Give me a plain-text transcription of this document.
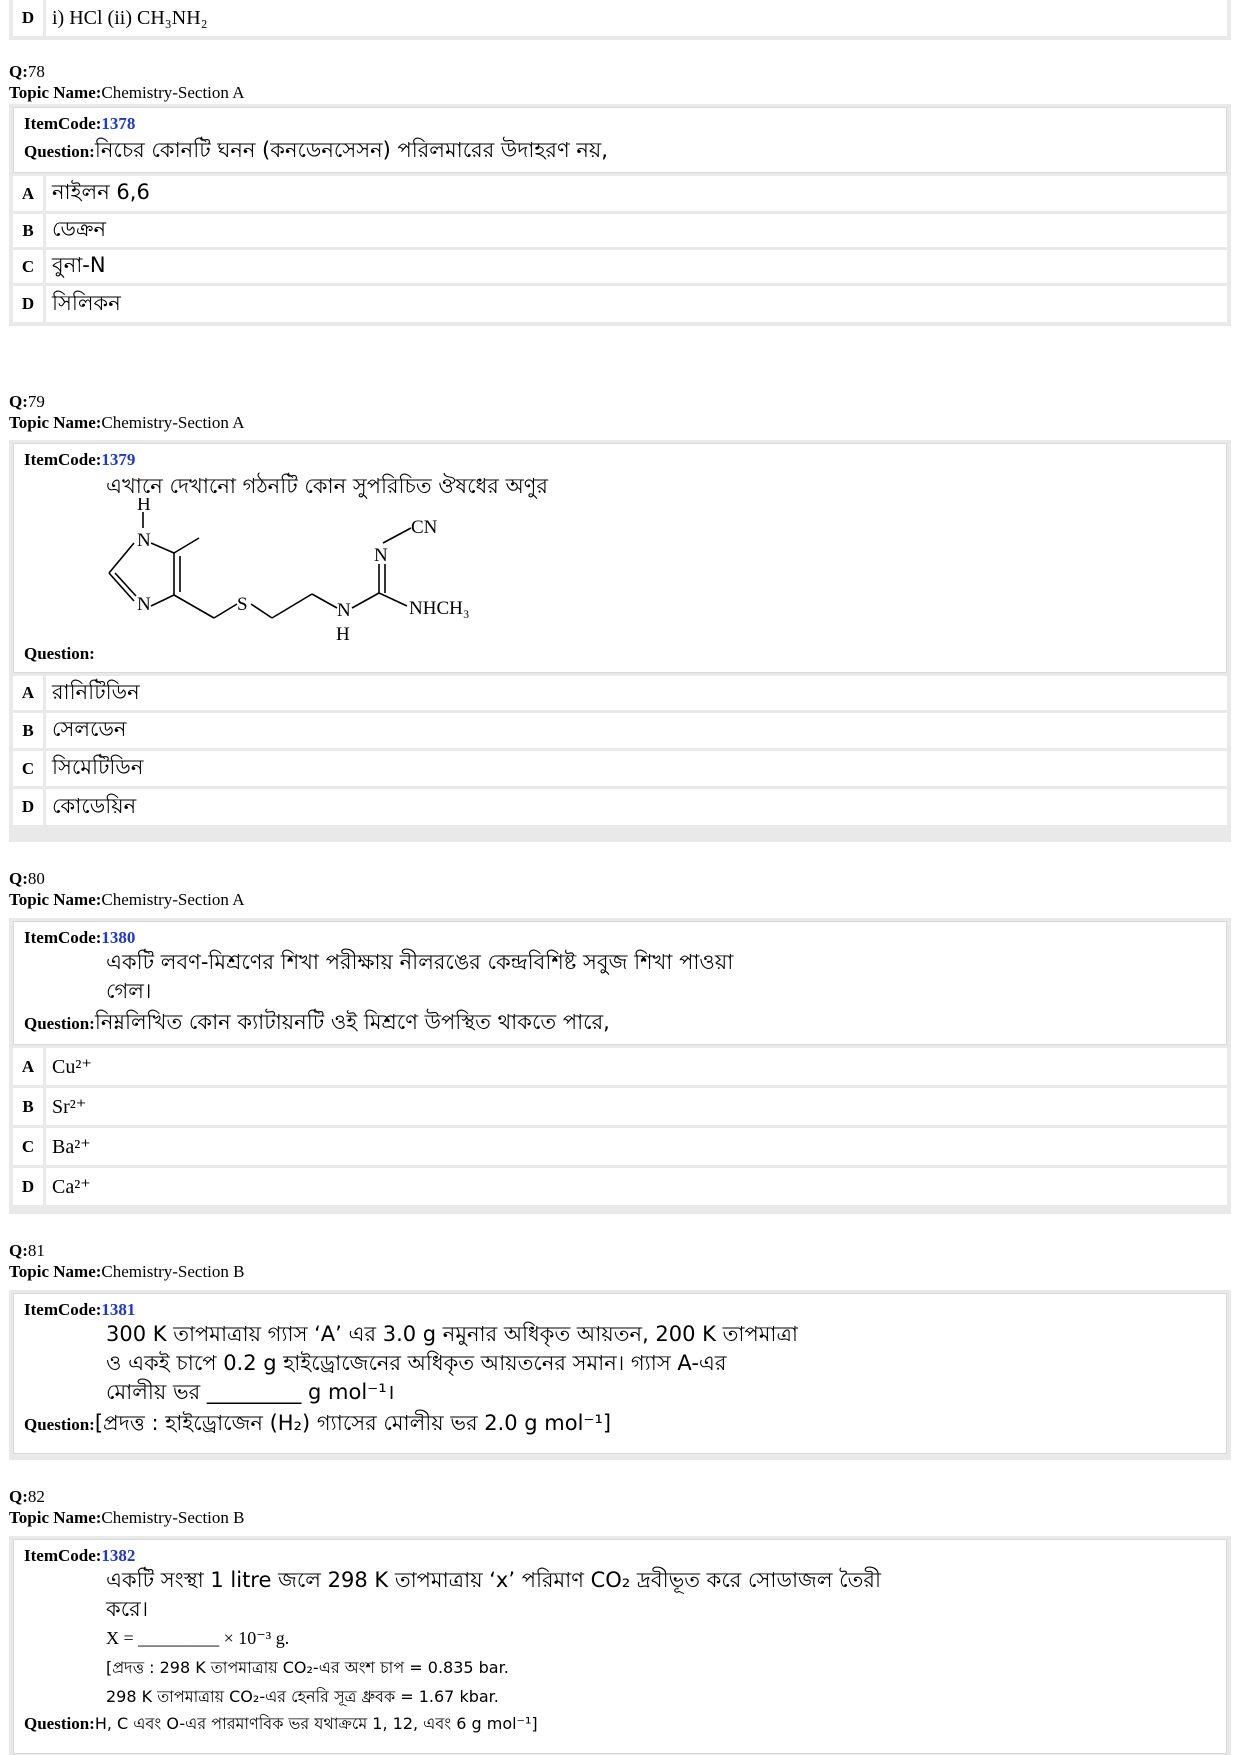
D i) HCl (ii) CH₃NH₂
Q:78
Topic Name:Chemistry-Section A
ItemCode:1378
Question:নিচের কোনটি ঘনন (কনডেনসেসন) পরিলমারের উদাহরণ নয়,
A নাইলন 6,6
B ডেক্রন
C বুনা-N
D সিলিকন
Q:79
Topic Name:Chemistry-Section A
ItemCode:1379
এখানে দেখানো গঠনটি কোন সুপরিচিত ঔষধের অণুর
H
N
N	S	N
H
N
CN
NHCH₃
Question:
A রানিটিডিন
B সেলডেন
C সিমেটিডিন
D কোডেয়িন
Q:80
Topic Name:Chemistry-Section A
ItemCode:1380
একটি লবণ-মিশ্রণের শিখা পরীক্ষায় নীলরঙের কেন্দ্রবিশিষ্ট সবুজ শিখা পাওয়া
গেল।
Question:নিম্নলিখিত কোন ক্যাটায়নটি ওই মিশ্রণে উপস্থিত থাকতে পারে,
A Cu²⁺
B Sr²⁺
C Ba²⁺
D Ca²⁺
Q:81
Topic Name:Chemistry-Section B
ItemCode:1381
300 K তাপমাত্রায় গ্যাস ‘A’ এর 3.0 g নমুনার অধিকৃত আয়তন, 200 K তাপমাত্রা
ও একই চাপে 0.2 g হাইড্রোজেনের অধিকৃত আয়তনের সমান। গ্যাস A-এর
মোলীয় ভর _________ g mol⁻¹।
Question:[প্রদত্ত : হাইড্রোজেন (H₂) গ্যাসের মোলীয় ভর 2.0 g mol⁻¹]
Q:82
Topic Name:Chemistry-Section B
ItemCode:1382
একটি সংস্থা 1 litre জলে 298 K তাপমাত্রায় ‘x’ পরিমাণ CO₂ দ্রবীভূত করে সোডাজল তৈরী
করে।
X = _________ × 10⁻³ g.
[প্রদত্ত : 298 K তাপমাত্রায় CO₂-এর অংশ চাপ = 0.835 bar.
298 K তাপমাত্রায় CO₂-এর হেনরি সূত্র ধ্রুবক = 1.67 kbar.
Question:H, C এবং O-এর পারমাণবিক ভর যথাক্রমে 1, 12, এবং 6 g mol⁻¹]
